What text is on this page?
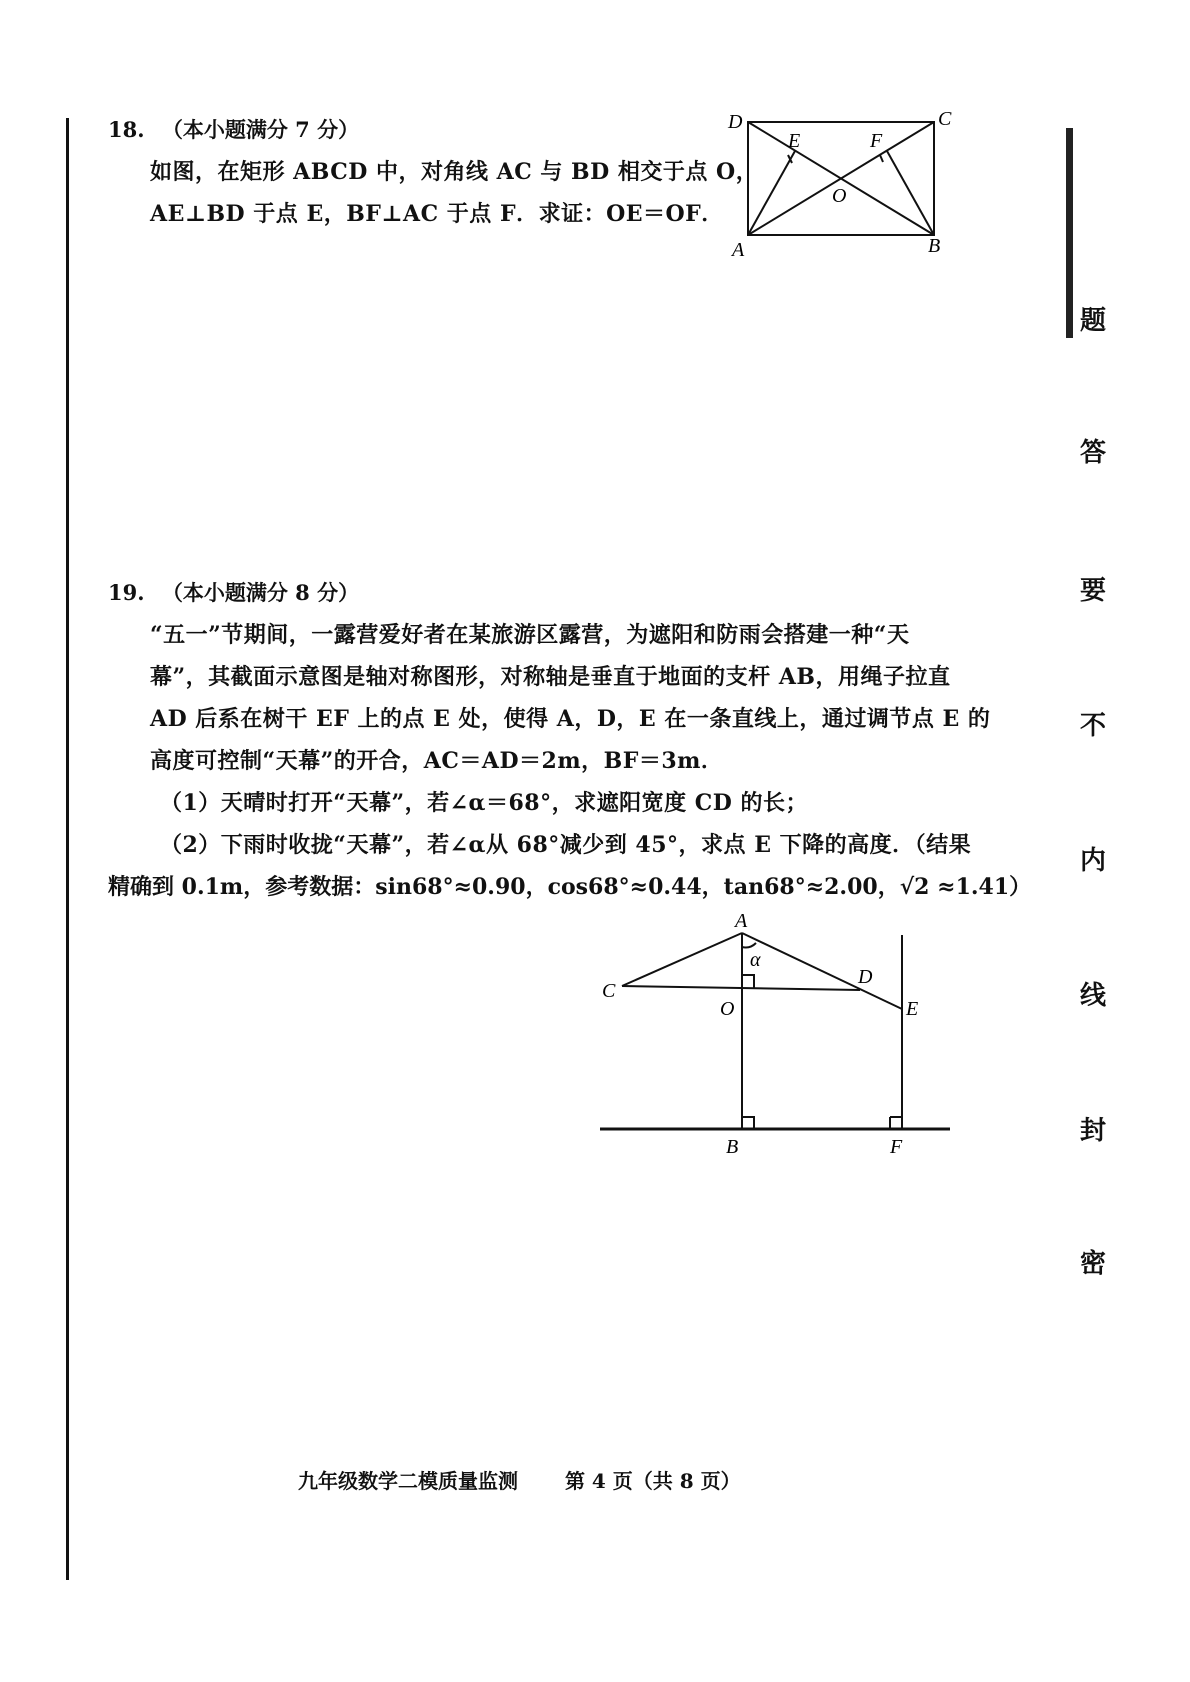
18. （本小题满分 7 分）
如图，在矩形 ABCD 中，对角线 AC 与 BD 相交于点 O，
AE⊥BD 于点 E，BF⊥AC 于点 F．求证：OE＝OF．
D	C
E	F
O
A	B
19. （本小题满分 8 分）
“五一”节期间，一露营爱好者在某旅游区露营，为遮阳和防雨会搭建一种“天
幕”，其截面示意图是轴对称图形，对称轴是垂直于地面的支杆 AB，用绳子拉直
AD 后系在树干 EF 上的点 E 处，使得 A，D，E 在一条直线上，通过调节点 E 的
高度可控制“天幕”的开合，AC＝AD＝2m，BF＝3m．
（1）天晴时打开“天幕”，若∠α＝68°，求遮阳宽度 CD 的长；
（2）下雨时收拢“天幕”，若∠α从 68°减少到 45°，求点 E 下降的高度．（结果
精确到 0.1m，参考数据：sin68°≈0.90，cos68°≈0.44，tan68°≈2.00，√2 ≈1.41）
A
α
C
O
D
E
B	F
题
答
要
不
内
线
封
密
九年级数学二模质量监测 第 4 页（共 8 页）
